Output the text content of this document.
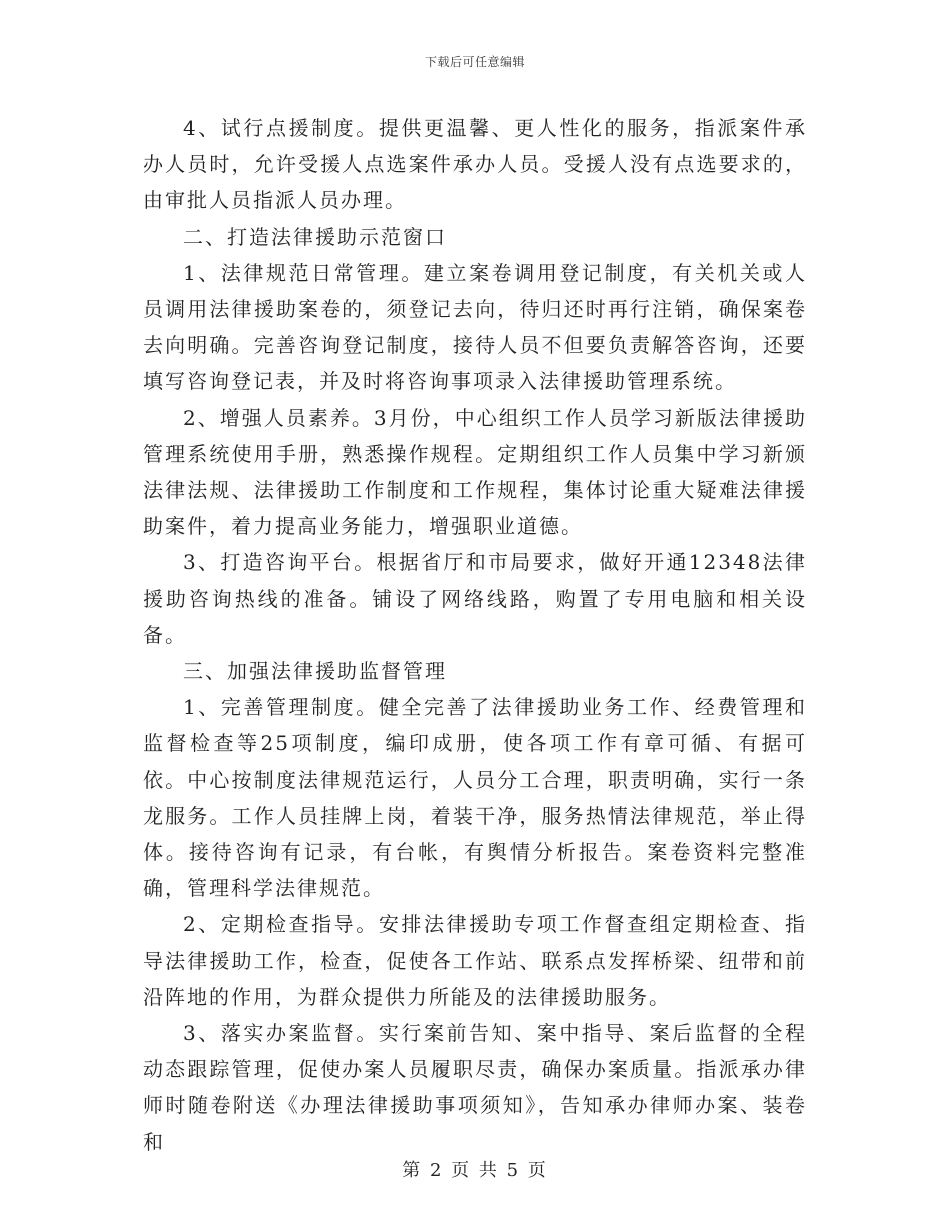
下载后可任意编辑

4、试行点援制度。提供更温馨、更人性化的服务，指派案件承办人员时，允许受援人点选案件承办人员。受援人没有点选要求的，由审批人员指派人员办理。

二、打造法律援助示范窗口

1、法律规范日常管理。建立案卷调用登记制度，有关机关或人员调用法律援助案卷的，须登记去向，待归还时再行注销，确保案卷去向明确。完善咨询登记制度，接待人员不但要负责解答咨询，还要填写咨询登记表，并及时将咨询事项录入法律援助管理系统。

2、增强人员素养。3月份，中心组织工作人员学习新版法律援助管理系统使用手册，熟悉操作规程。定期组织工作人员集中学习新颁法律法规、法律援助工作制度和工作规程，集体讨论重大疑难法律援助案件，着力提高业务能力，增强职业道德。

3、打造咨询平台。根据省厅和市局要求，做好开通12348法律援助咨询热线的准备。铺设了网络线路，购置了专用电脑和相关设备。

三、加强法律援助监督管理

1、完善管理制度。健全完善了法律援助业务工作、经费管理和监督检查等25项制度，编印成册，使各项工作有章可循、有据可依。中心按制度法律规范运行，人员分工合理，职责明确，实行一条龙服务。工作人员挂牌上岗，着装干净，服务热情法律规范，举止得体。接待咨询有记录，有台帐，有舆情分析报告。案卷资料完整准确，管理科学法律规范。

2、定期检查指导。安排法律援助专项工作督查组定期检查、指导法律援助工作，检查，促使各工作站、联系点发挥桥梁、纽带和前沿阵地的作用，为群众提供力所能及的法律援助服务。

3、落实办案监督。实行案前告知、案中指导、案后监督的全程动态跟踪管理，促使办案人员履职尽责，确保办案质量。指派承办律师时随卷附送《办理法律援助事项须知》，告知承办律师办案、装卷和

第 2 页 共 5 页
